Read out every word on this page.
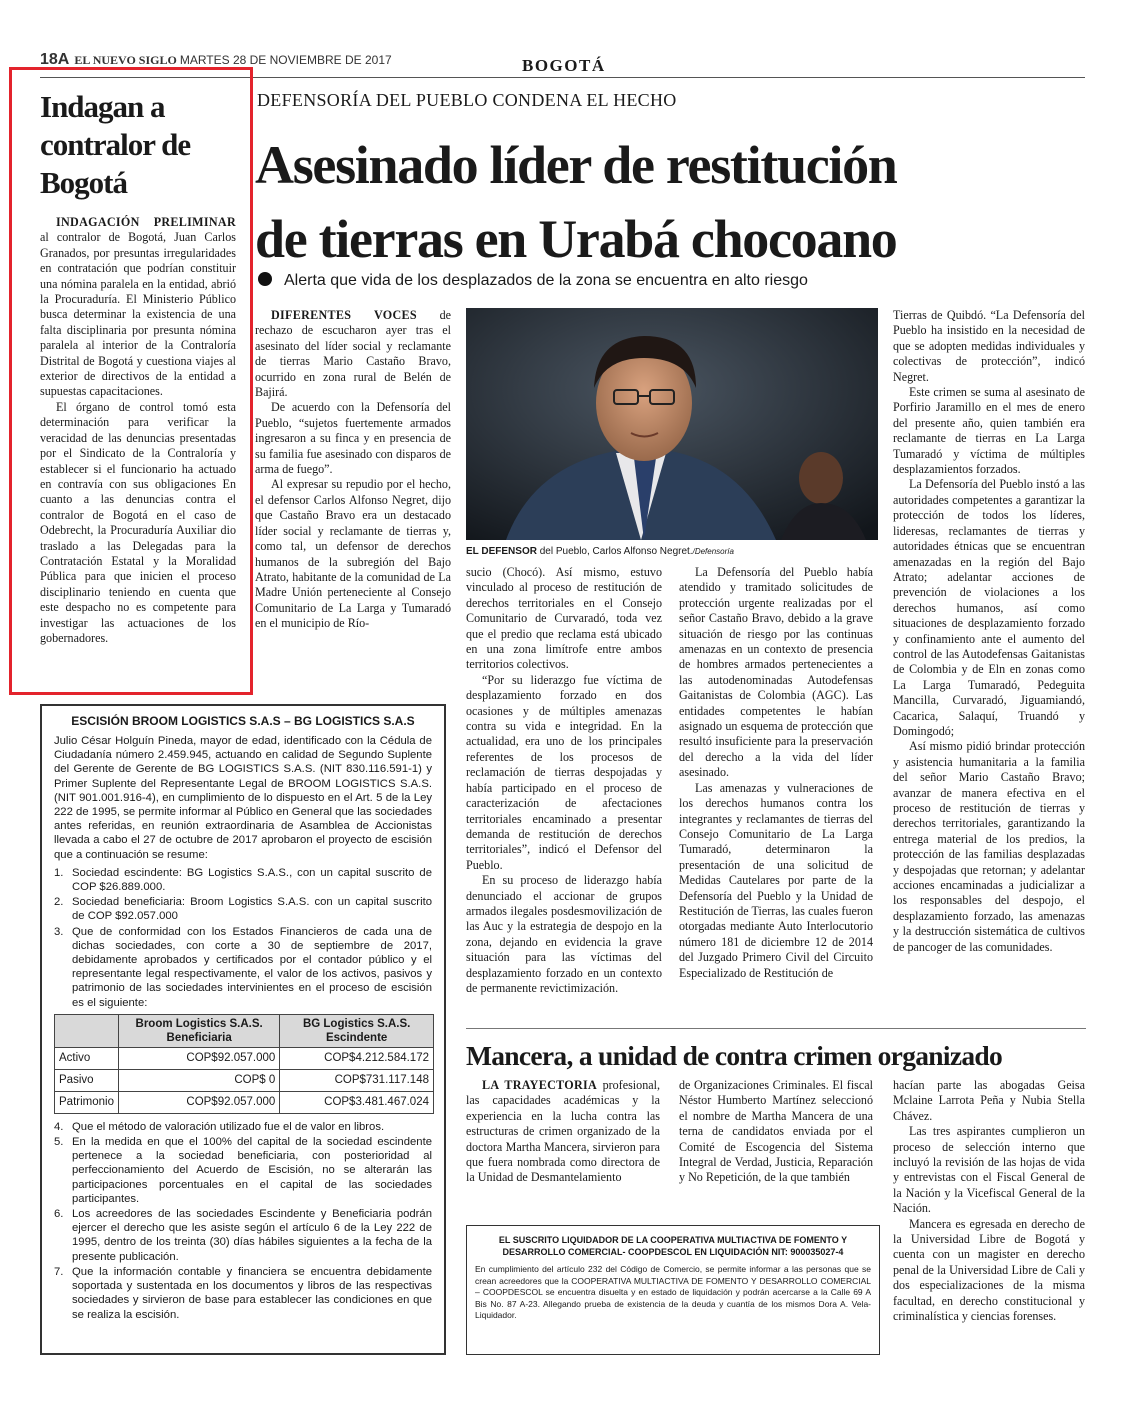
18A EL NUEVO SIGLO MARTES 28 DE NOVIEMBRE DE 2017	BOGOTÁ
Indagan a contralor de Bogotá

INDAGACIÓN PRELIMINAR al contralor de Bogotá, Juan Carlos Granados, por presuntas irregularidades en contratación que podrían constituir una nómina paralela en la entidad, abrió la Procuraduría. El Ministerio Público busca determinar la existencia de una falta disciplinaria por presunta nómina paralela al interior de la Contraloría Distrital de Bogotá y cuestiona viajes al exterior de directivos de la entidad a supuestas capacitaciones.

El órgano de control tomó esta determinación para verificar la veracidad de las denuncias presentadas por el Sindicato de la Contraloría y establecer si el funcionario ha actuado en contravía con sus obligaciones En cuanto a las denuncias contra el contralor de Bogotá en el caso de Odebrecht, la Procuraduría Auxiliar dio traslado a las Delegadas para la Contratación Estatal y la Moralidad Pública para que inicien el proceso disciplinario teniendo en cuenta que este despacho no es competente para investigar las actuaciones de los gobernadores.

DEFENSORÍA DEL PUEBLO CONDENA EL HECHO
Asesinado líder de restitución
de tierras en Urabá chocoano
Alerta que vida de los desplazados de la zona se encuentra en alto riesgo

DIFERENTES VOCES de rechazo de escucharon ayer tras el asesinato del líder social y reclamante de tierras Mario Castaño Bravo, ocurrido en zona rural de Belén de Bajirá.

De acuerdo con la Defensoría del Pueblo, “sujetos fuertemente armados ingresaron a su finca y en presencia de su familia fue asesinado con disparos de arma de fuego”.

Al expresar su repudio por el hecho, el defensor Carlos Alfonso Negret, dijo que Castaño Bravo era un destacado líder social y reclamante de tierras y, como tal, un defensor de derechos humanos de la subregión del Bajo Atrato, habitante de la comunidad de La Madre Unión perteneciente al Consejo Comunitario de La Larga y Tumaradó en el municipio de Río-

EL DEFENSOR del Pueblo, Carlos Alfonso Negret./Defensoría

sucio (Chocó). Así mismo, estuvo vinculado al proceso de restitución de derechos territoriales en el Consejo Comunitario de Curvaradó, toda vez que el predio que reclama está ubicado en una zona limítrofe entre ambos territorios colectivos.

“Por su liderazgo fue víctima de desplazamiento forzado en dos ocasiones y de múltiples amenazas contra su vida e integridad. En la actualidad, era uno de los principales referentes de los procesos de reclamación de tierras despojadas y había participado en el proceso de caracterización de afectaciones territoriales encaminado a presentar demanda de restitución de derechos territoriales”, indicó el Defensor del Pueblo.

En su proceso de liderazgo había denunciado el accionar de grupos armados ilegales posdesmovilización de las Auc y la estrategia de despojo en la zona, dejando en evidencia la grave situación para las víctimas del desplazamiento forzado en un contexto de permanente revictimización.

La Defensoría del Pueblo había atendido y tramitado solicitudes de protección urgente realizadas por el señor Castaño Bravo, debido a la grave situación de riesgo por las continuas amenazas en un contexto de presencia de hombres armados pertenecientes a las autodenominadas Autodefensas Gaitanistas de Colombia (AGC). Las entidades competentes le habían asignado un esquema de protección que resultó insuficiente para la preservación del derecho a la vida del líder asesinado.

Las amenazas y vulneraciones de los derechos humanos contra los integrantes y reclamantes de tierras del Consejo Comunitario de La Larga Tumaradó, determinaron la presentación de una solicitud de Medidas Cautelares por parte de la Defensoría del Pueblo y la Unidad de Restitución de Tierras, las cuales fueron otorgadas mediante Auto Interlocutorio número 181 de diciembre 12 de 2014 del Juzgado Primero Civil del Circuito Especializado de Restitución de

Tierras de Quibdó. “La Defensoría del Pueblo ha insistido en la necesidad de que se adopten medidas individuales y colectivas de protección”, indicó Negret.

Este crimen se suma al asesinato de Porfirio Jaramillo en el mes de enero del presente año, quien también era reclamante de tierras en La Larga Tumaradó y víctima de múltiples desplazamientos forzados.

La Defensoría del Pueblo instó a las autoridades competentes a garantizar la protección de todos los líderes, lideresas, reclamantes de tierras y autoridades étnicas que se encuentran amenazadas en la región del Bajo Atrato; adelantar acciones de prevención de violaciones a los derechos humanos, así como situaciones de desplazamiento forzado y confinamiento ante el aumento del control de las Autodefensas Gaitanistas de Colombia y de Eln en zonas como La Larga Tumaradó, Pedeguita Mancilla, Curvaradó, Jiguamiandó, Cacarica, Salaquí, Truandó y Domingodó;

Así mismo pidió brindar protección y asistencia humanitaria a la familia del señor Mario Castaño Bravo; avanzar de manera efectiva en el proceso de restitución de tierras y derechos territoriales, garantizando la entrega material de los predios, la protección de las familias desplazadas y despojadas que retornan; y adelantar acciones encaminadas a judicializar a los responsables del despojo, el desplazamiento forzado, las amenazas y la destrucción sistemática de cultivos de pancoger de las comunidades.

Mancera, a unidad de contra crimen organizado

LA TRAYECTORIA profesional, las capacidades académicas y la experiencia en la lucha contra las estructuras de crimen organizado de la doctora Martha Mancera, sirvieron para que fuera nombrada como directora de la Unidad de Desmantelamiento

de Organizaciones Criminales. El fiscal Néstor Humberto Martínez seleccionó el nombre de Martha Mancera de una terna de candidatos enviada por el Comité de Escogencia del Sistema Integral de Verdad, Justicia, Reparación y No Repetición, de la que también

hacían parte las abogadas Geisa Mclaine Larrota Peña y Nubia Stella Chávez.

Las tres aspirantes cumplieron un proceso de selección interno que incluyó la revisión de las hojas de vida y entrevistas con el Fiscal General de la Nación y la Vicefiscal General de la Nación.

Mancera es egresada en derecho de la Universidad Libre de Bogotá y cuenta con un magister en derecho penal de la Universidad Libre de Cali y dos especializaciones de la misma facultad, en derecho constitucional y criminalística y ciencias forenses.

EL SUSCRITO LIQUIDADOR DE LA COOPERATIVA MULTIACTIVA DE FOMENTO Y DESARROLLO COMERCIAL- COOPDESCOL EN LIQUIDACIÓN NIT: 900035027-4
En cumplimiento del artículo 232 del Código de Comercio, se permite informar a las personas que se crean acreedores que la COOPERATIVA MULTIACTIVA DE FOMENTO Y DESARROLLO COMERCIAL – COOPDESCOL se encuentra disuelta y en estado de liquidación y podrán acercarse a la Calle 69 A Bis No. 87 A-23. Allegando prueba de existencia de la deuda y cuantía de los mismos Dora A. Vela- Liquidador.
ESCISIÓN BROOM LOGISTICS S.A.S – BG LOGISTICS S.A.S
Julio César Holguín Pineda, mayor de edad, identificado con la Cédula de Ciudadanía número 2.459.945, actuando en calidad de Segundo Suplente del Gerente de Gerente de BG LOGISTICS S.A.S. (NIT 830.116.591-1) y Primer Suplente del Representante Legal de BROOM LOGISTICS S.A.S. (NIT 901.001.916-4), en cumplimiento de lo dispuesto en el Art. 5 de la Ley 222 de 1995, se permite informar al Público en General que las sociedades antes referidas, en reunión extraordinaria de Asamblea de Accionistas llevada a cabo el 27 de octubre de 2017 aprobaron el proyecto de escisión que a continuación se resume:
1. Sociedad escindente: BG Logistics S.A.S., con un capital suscrito de COP $26.889.000.
2. Sociedad beneficiaria: Broom Logistics S.A.S. con un capital suscrito de COP $92.057.000
3. Que de conformidad con los Estados Financieros de cada una de dichas sociedades, con corte a 30 de septiembre de 2017, debidamente aprobados y certificados por el contador público y el representante legal respectivamente, el valor de los activos, pasivos y patrimonio de las sociedades intervinientes en el proceso de escisión es el siguiente:
	Broom Logistics S.A.S. Beneficiaria	BG Logistics S.A.S. Escindente
Activo	COP$92.057.000	COP$4.212.584.172
Pasivo	COP$ 0	COP$731.117.148
Patrimonio	COP$92.057.000	COP$3.481.467.024
4. Que el método de valoración utilizado fue el de valor en libros.
5. En la medida en que el 100% del capital de la sociedad escindente pertenece a la sociedad beneficiaria, con posterioridad al perfeccionamiento del Acuerdo de Escisión, no se alterarán las participaciones porcentuales en el capital de las sociedades participantes.
6. Los acreedores de las sociedades Escindente y Beneficiaria podrán ejercer el derecho que les asiste según el artículo 6 de la Ley 222 de 1995, dentro de los treinta (30) días hábiles siguientes a la fecha de la presente publicación.
7. Que la información contable y financiera se encuentra debidamente soportada y sustentada en los documentos y libros de las respectivas sociedades y sirvieron de base para establecer las condiciones en que se realiza la escisión.
